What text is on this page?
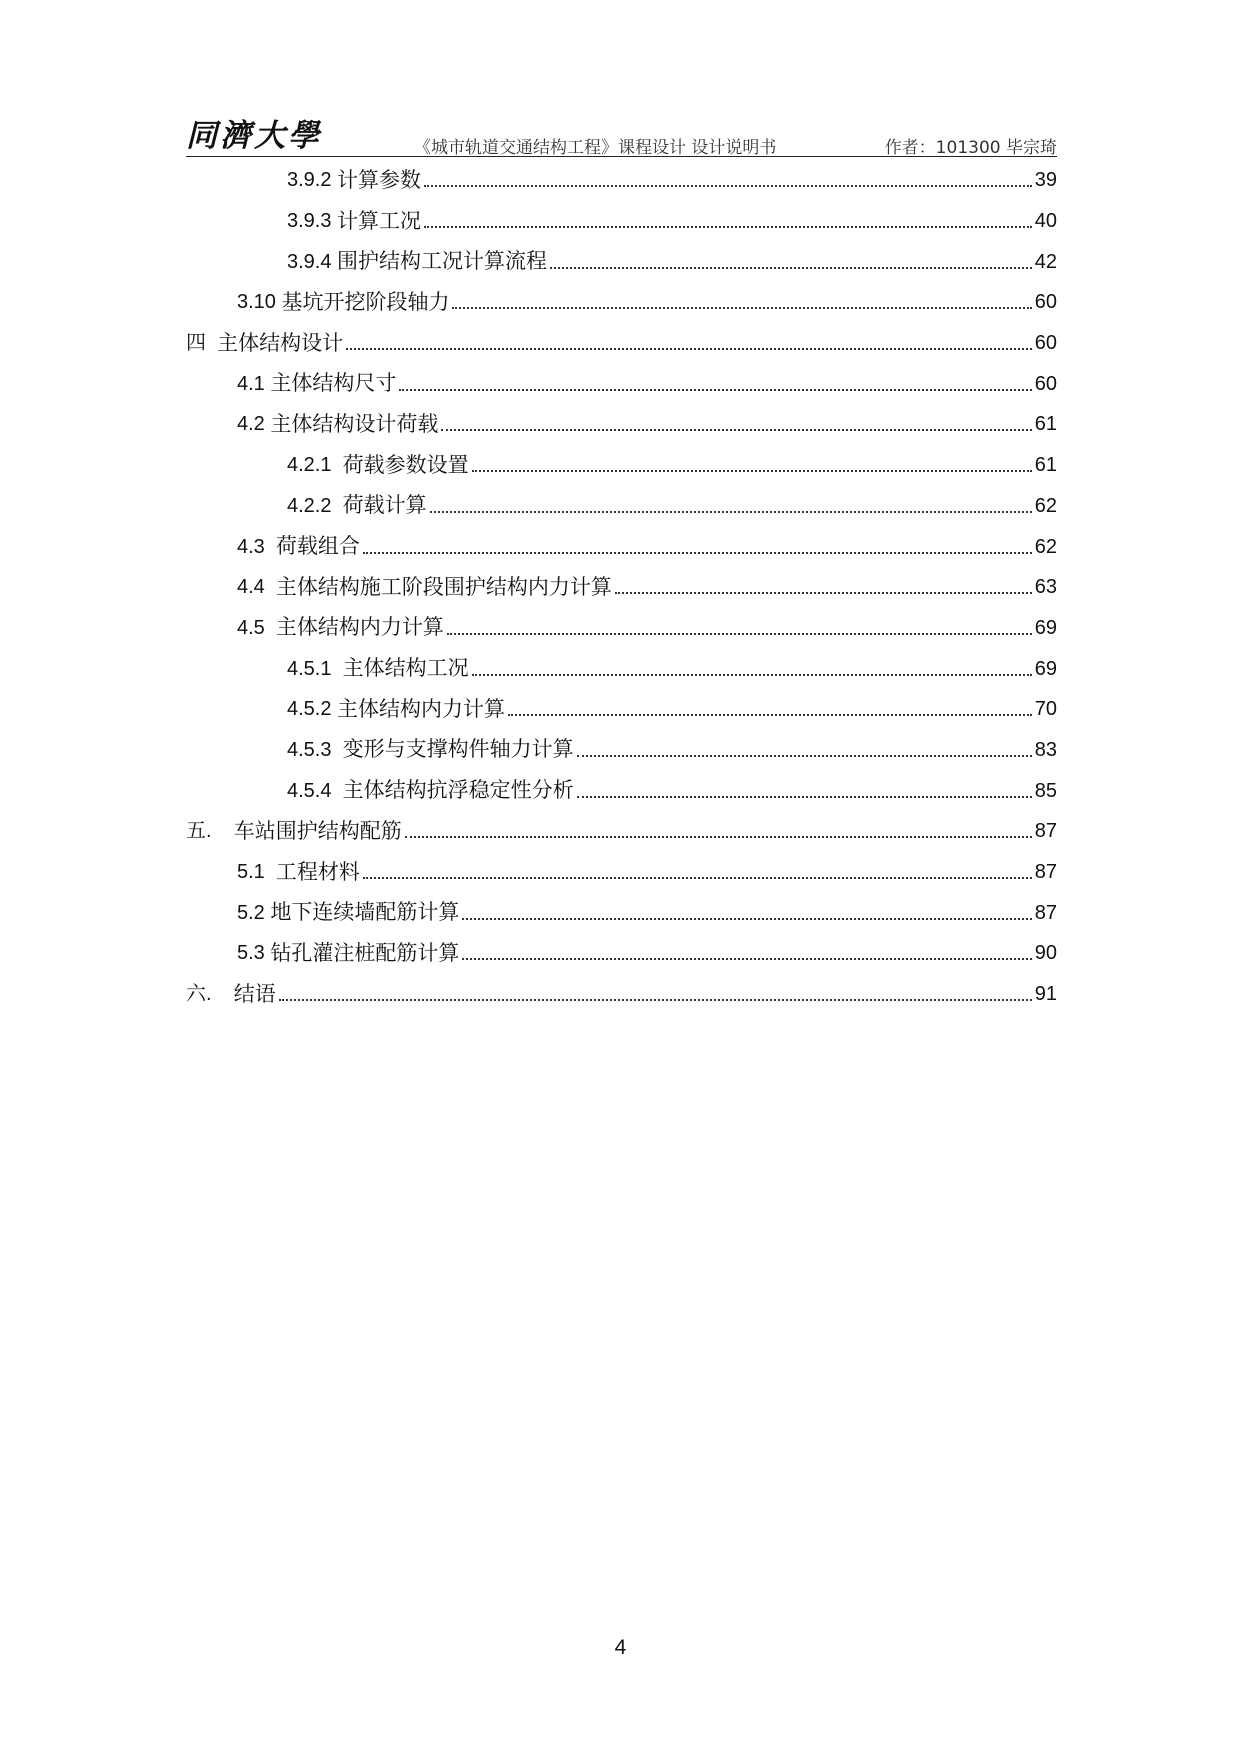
同濟大學	《城市轨道交通结构工程》课程设计 设计说明书	作者：101300 毕宗琦
3.9.2 计算参数	39
3.9.3 计算工况	40
3.9.4 围护结构工况计算流程	42
3.10 基坑开挖阶段轴力	60
四 主体结构设计	60
4.1 主体结构尺寸	60
4.2 主体结构设计荷载	61
4.2.1 荷载参数设置	61
4.2.2 荷载计算	62
4.3 荷载组合	62
4.4 主体结构施工阶段围护结构内力计算	63
4.5 主体结构内力计算	69
4.5.1 主体结构工况	69
4.5.2 主体结构内力计算	70
4.5.3 变形与支撑构件轴力计算	83
4.5.4 主体结构抗浮稳定性分析	85
五. 车站围护结构配筋	87
5.1 工程材料	87
5.2 地下连续墙配筋计算	87
5.3 钻孔灌注桩配筋计算	90
六. 结语	91
4
